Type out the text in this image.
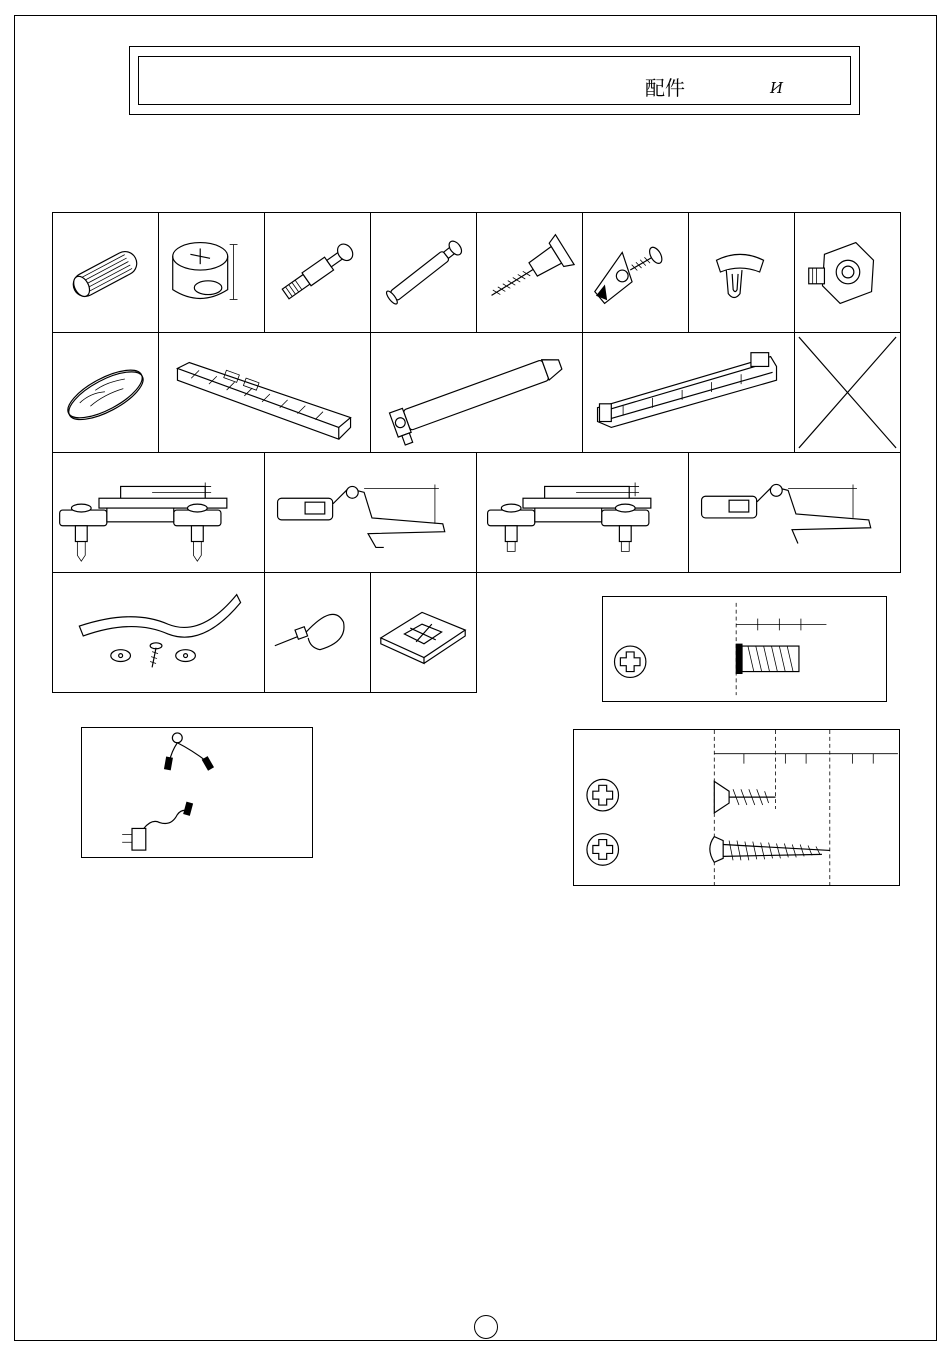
配件	И
